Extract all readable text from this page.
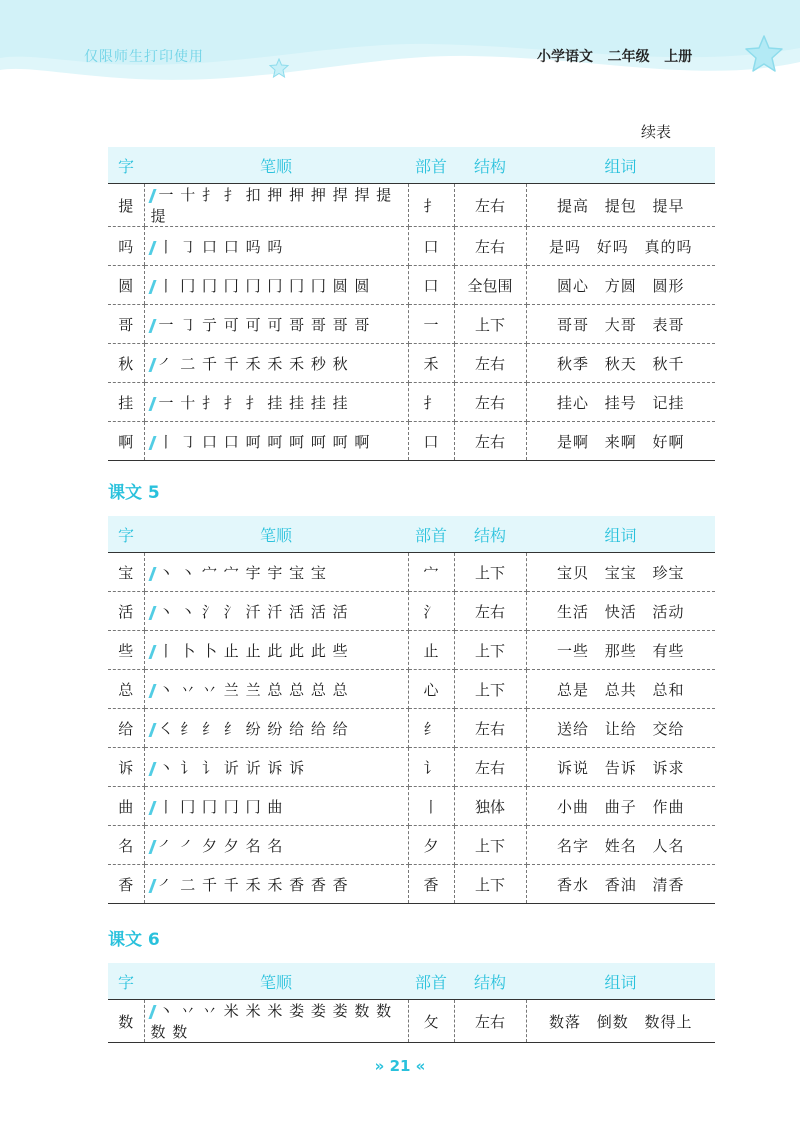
仅限师生打印使用	小学语文   二年级   上册
续表
字	笔顺	部首	结构	组词
提	一 十 扌 扌 扣 押 押 押 捍 捍 提 提	扌	左右	提高 提包 提早
吗	丨 ㇆ 口 口 吗 吗	口	左右	是吗 好吗 真的吗
圆	丨 冂 冂 冂 冂 冂 冂 冂 圆 圆	口	全包围	圆心 方圆 圆形
哥	一 ㇆ 亍 可 可 可 哥 哥 哥 哥	一	上下	哥哥 大哥 表哥
秋	㇒ 二 千 千 禾 禾 禾 秒 秋	禾	左右	秋季 秋天 秋千
挂	一 十 扌 扌 扌 挂 挂 挂 挂	扌	左右	挂心 挂号 记挂
啊	丨 ㇆ 口 口 呵 呵 呵 呵 呵 啊	口	左右	是啊 来啊 好啊
课文 5
字	笔顺	部首	结构	组词
宝	丶 丶 宀 宀 宇 宇 宝 宝	宀	上下	宝贝 宝宝 珍宝
活	丶 丶 氵 氵 汘 汘 活 活 活	氵	左右	生活 快活 活动
些	丨 卜 卜 止 止 此 此 此 些	止	上下	一些 那些 有些
总	丶 丷 丷 兰 兰 总 总 总 总	心	上下	总是 总共 总和
给	㇛ 纟 纟 纟 纷 纷 给 给 给	纟	左右	送给 让给 交给
诉	丶 讠 讠 䜣 䜣 诉 诉	讠	左右	诉说 告诉 诉求
曲	丨 冂 冂 冂 冂 曲	丨	独体	小曲 曲子 作曲
名	㇒ ㇒ 夕 夕 名 名	夕	上下	名字 姓名 人名
香	㇒ 二 千 千 禾 禾 香 香 香	香	上下	香水 香油 清香
课文 6
字	笔顺	部首	结构	组词
数	丶 丷 丷 米 米 米 娄 娄 娄 数 数 数 数	攵	左右	数落 倒数 数得上
» 21 «
